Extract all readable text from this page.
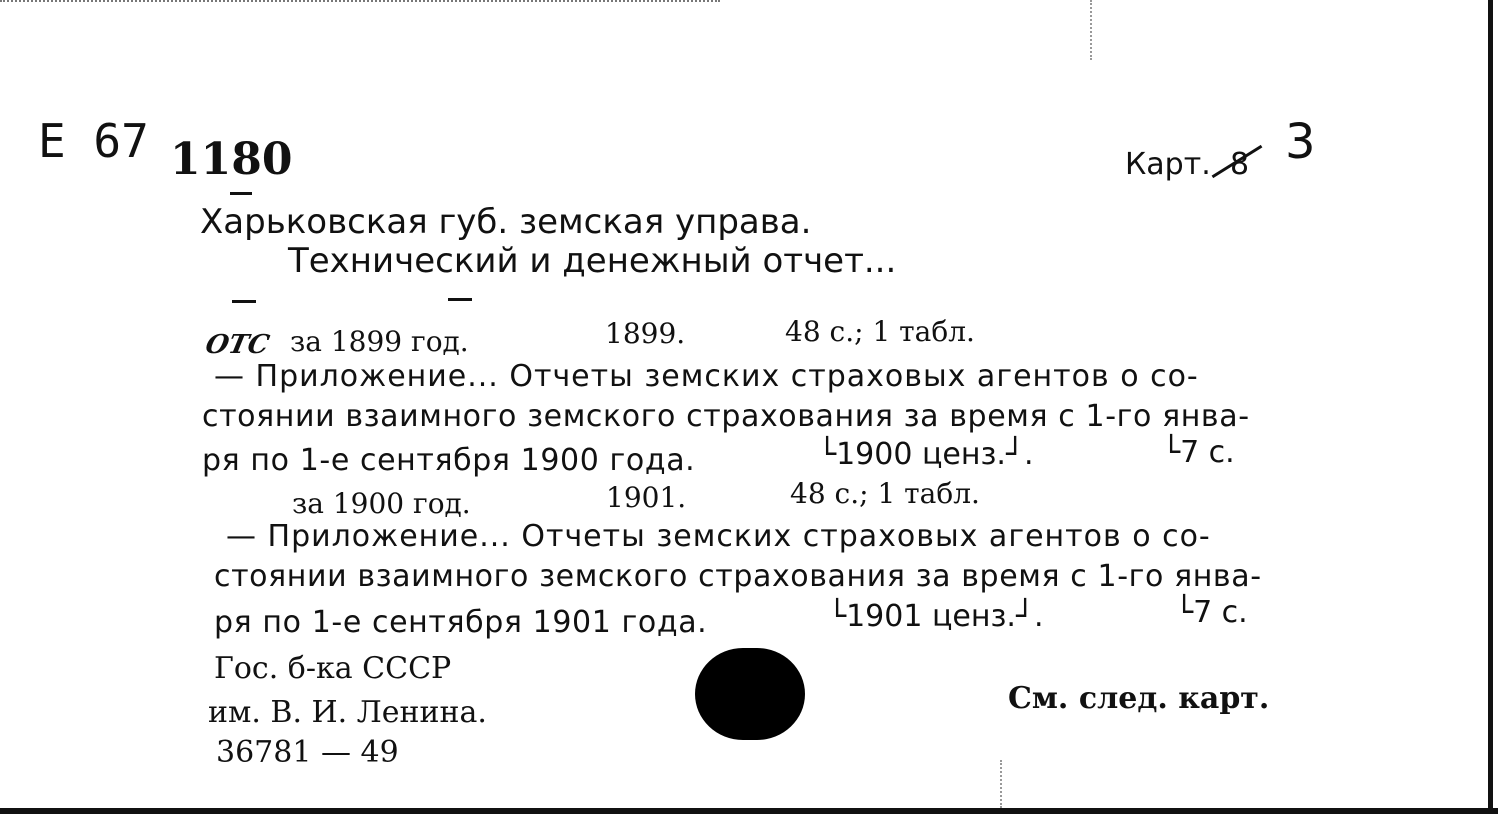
Е 67 1180	Карт. 8 3
Харьковская губ. земская управа.
Технический и денежный отчет...
ОТС за 1899 год.	1899.	48 с.; 1 табл.
— Приложение... Отчеты земских страховых агентов о со-
стоянии взаимного земского страхования за время с 1-го янва-
ря по 1-е сентября 1900 года.	└1900 ценз.┘.	└7 с.
за 1900 год.	1901.	48 с.; 1 табл.
— Приложение... Отчеты земских страховых агентов о со-
стоянии взаимного земского страхования за время с 1-го янва-
ря по 1-е сентября 1901 года.	└1901 ценз.┘.	└7 с.
Гос. б-ка СССР
им. В. И. Ленина.
36781 — 49
См. след. карт.
